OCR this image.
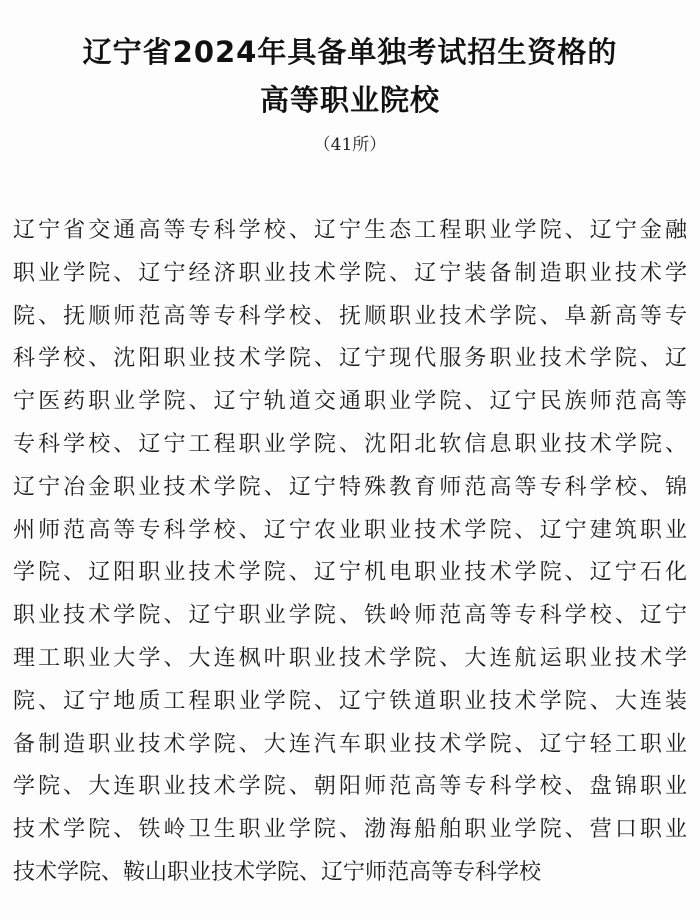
辽宁省2024年具备单独考试招生资格的
高等职业院校

（41所）

辽宁省交通高等专科学校、辽宁生态工程职业学院、辽宁金融
职业学院、辽宁经济职业技术学院、辽宁装备制造职业技术学
院、抚顺师范高等专科学校、抚顺职业技术学院、阜新高等专
科学校、沈阳职业技术学院、辽宁现代服务职业技术学院、辽
宁医药职业学院、辽宁轨道交通职业学院、辽宁民族师范高等
专科学校、辽宁工程职业学院、沈阳北软信息职业技术学院、
辽宁冶金职业技术学院、辽宁特殊教育师范高等专科学校、锦
州师范高等专科学校、辽宁农业职业技术学院、辽宁建筑职业
学院、辽阳职业技术学院、辽宁机电职业技术学院、辽宁石化
职业技术学院、辽宁职业学院、铁岭师范高等专科学校、辽宁
理工职业大学、大连枫叶职业技术学院、大连航运职业技术学
院、辽宁地质工程职业学院、辽宁铁道职业技术学院、大连装
备制造职业技术学院、大连汽车职业技术学院、辽宁轻工职业
学院、大连职业技术学院、朝阳师范高等专科学校、盘锦职业
技术学院、铁岭卫生职业学院、渤海船舶职业学院、营口职业
技术学院、鞍山职业技术学院、辽宁师范高等专科学校
